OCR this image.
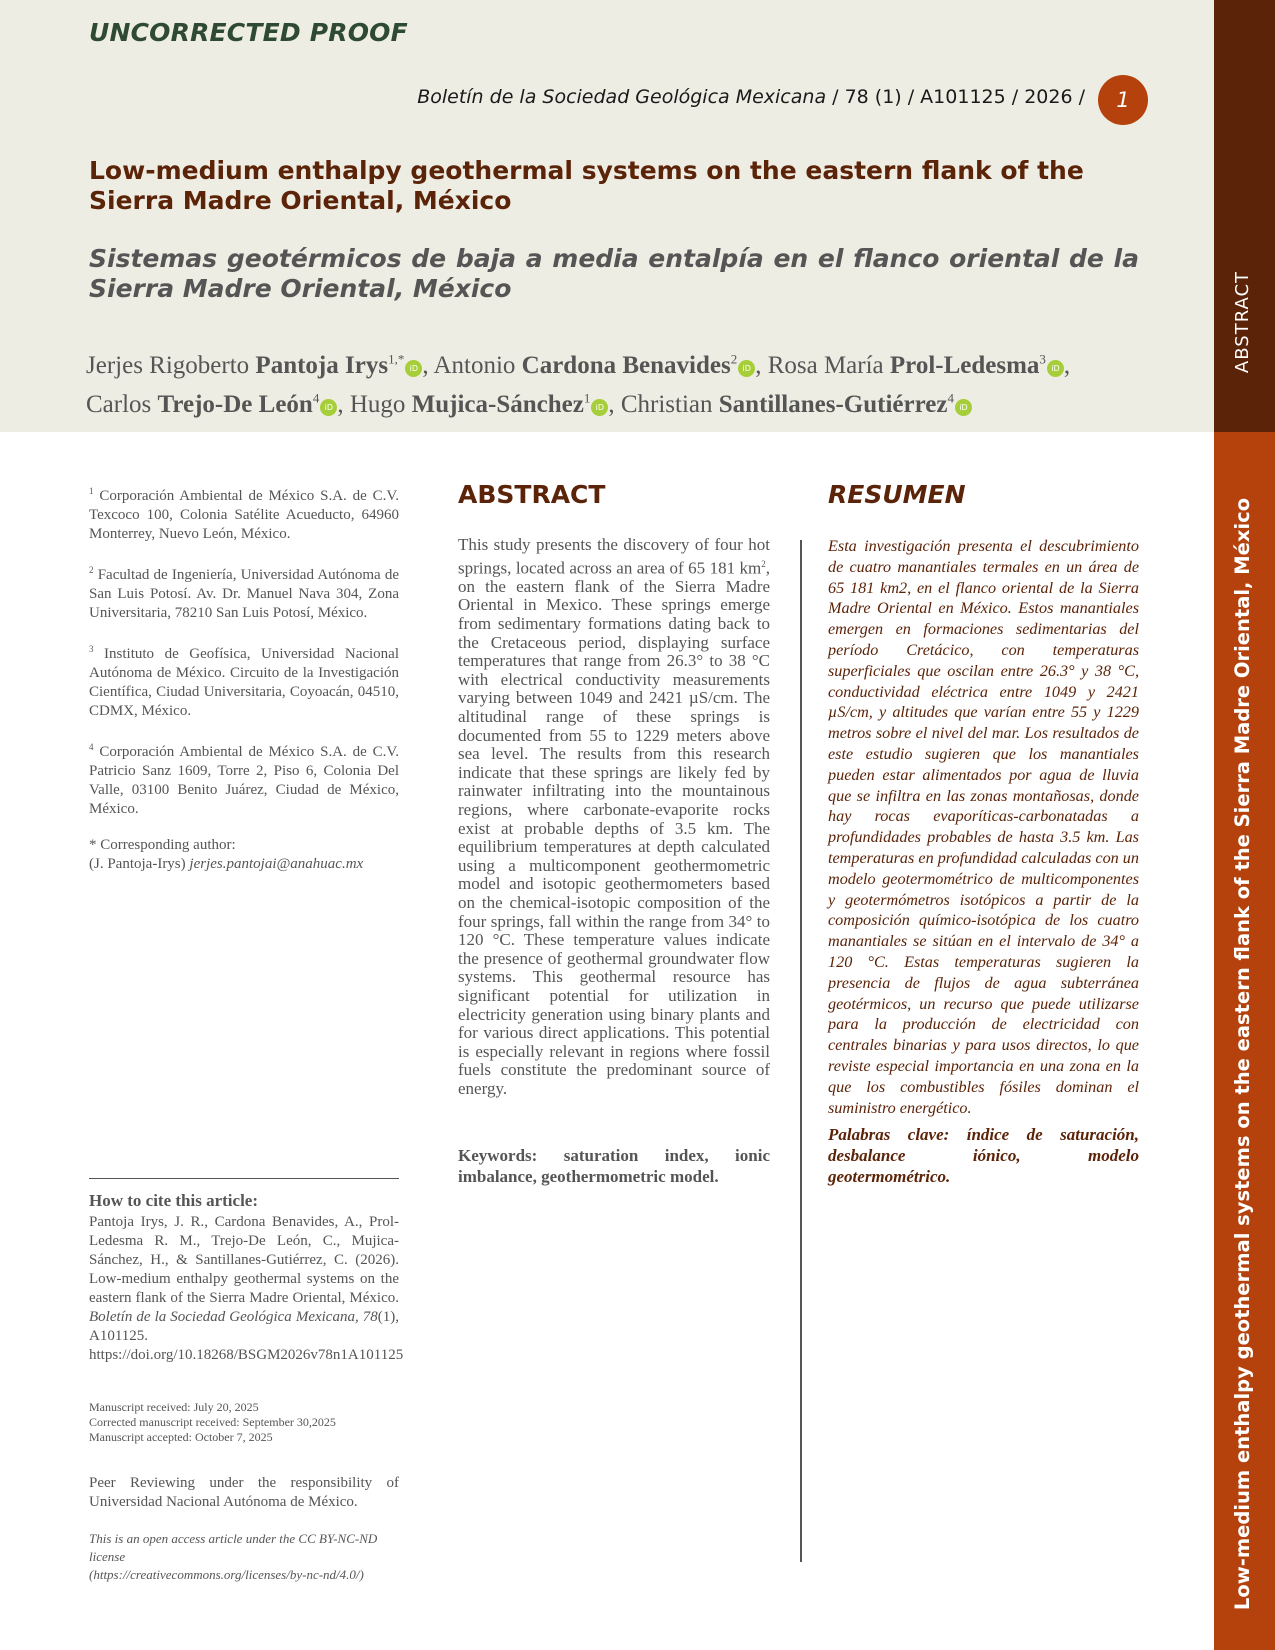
ABSTRACT
Low-medium enthalpy geothermal systems on the eastern flank of the Sierra Madre Oriental, México
UNCORRECTED PROOF
Boletín de la Sociedad Geológica Mexicana / 78 (1) / A101125 / 2026 /	1
Low-medium enthalpy geothermal systems on the eastern flank of the Sierra Madre Oriental, México
Sistemas geotérmicos de baja a media entalpía en el flanco oriental de la Sierra Madre Oriental, México
Jerjes Rigoberto Pantoja Irys$^{1,*}$iD , Antonio Cardona Benavides$^2$iD , Rosa María Prol-Ledesma$^3$iD ,
Carlos Trejo-De León$^4$iD , Hugo Mujica-Sánchez$^1$iD , Christian Santillanes-Gutiérrez$^4$iD

$^1$ Corporación Ambiental de México S.A. de C.V. Texcoco 100, Colonia Satélite Acueducto, 64960 Monterrey, Nuevo León, México.

$^2$ Facultad de Ingeniería, Universidad Autónoma de San Luis Potosí. Av. Dr. Manuel Nava 304, Zona Universitaria, 78210 San Luis Potosí, México.

$^3$ Instituto de Geofísica, Universidad Nacional Autónoma de México. Circuito de la Investigación Científica, Ciudad Universitaria, Coyoacán, 04510, CDMX, México.

$^4$ Corporación Ambiental de México S.A. de C.V. Patricio Sanz 1609, Torre 2, Piso 6, Colonia Del Valle, 03100 Benito Juárez, Ciudad de México, México.

* Corresponding author:
(J. Pantoja-Irys) jerjes.pantojai@anahuac.mx
How to cite this article:

Pantoja Irys, J. R., Cardona Benavides, A., Prol-Ledesma R. M., Trejo-De León, C., Mujica-Sánchez, H., & Santillanes-Gutiérrez, C. (2026). Low-medium enthalpy geothermal systems on the eastern flank of the Sierra Madre Oriental, México. Boletín de la Sociedad Geológica Mexicana, 78(1), A101125. https://doi.org/10.18268/BSGM2026v78n1A101125

Manuscript received: July 20, 2025
Corrected manuscript received: September 30,2025
Manuscript accepted: October 7, 2025

Peer Reviewing under the responsibility of Universidad Nacional Autónoma de México.

This is an open access article under the CC BY-NC-ND license
(https://creativecommons.org/licenses/by-nc-nd/4.0/)
ABSTRACT

This study presents the discovery of four hot springs, located across an area of 65 181 $km^2$, on the eastern flank of the Sierra Madre Oriental in Mexico. These springs emerge from sedimentary formations dating back to the Cretaceous period, displaying surface temperatures that range from 26.3° to 38 °C with electrical conductivity measurements varying between 1049 and 2421 µS/cm. The altitudinal range of these springs is documented from 55 to 1229 meters above sea level. The results from this research indicate that these springs are likely fed by rainwater infiltrating into the mountainous regions, where carbonate-evaporite rocks exist at probable depths of 3.5 km. The equilibrium temperatures at depth calculated using a multicomponent geothermometric model and isotopic geothermometers based on the chemical-isotopic composition of the four springs, fall within the range from 34° to 120 °C. These temperature values indicate the presence of geothermal groundwater flow systems. This geothermal resource has significant potential for utilization in electricity generation using binary plants and for various direct applications. This potential is especially relevant in regions where fossil fuels constitute the predominant source of energy.

Keywords: saturation index, ionic imbalance, geothermometric model.

RESUMEN

Esta investigación presenta el descubrimiento de cuatro manantiales termales en un área de 65 181 km2, en el flanco oriental de la Sierra Madre Oriental en México. Estos manantiales emergen en formaciones sedimentarias del período Cretácico, con temperaturas superficiales que oscilan entre 26.3° y 38 °C, conductividad eléctrica entre 1049 y 2421 µS/cm, y altitudes que varían entre 55 y 1229 metros sobre el nivel del mar. Los resultados de este estudio sugieren que los manantiales pueden estar alimentados por agua de lluvia que se infiltra en las zonas montañosas, donde hay rocas evaporíticas-carbonatadas a profundidades probables de hasta 3.5 km. Las temperaturas en profundidad calculadas con un modelo geotermométrico de multicomponentes y geotermómetros isotópicos a partir de la composición químico-isotópica de los cuatro manantiales se sitúan en el intervalo de 34° a 120 °C. Estas temperaturas sugieren la presencia de flujos de agua subterránea geotérmicos, un recurso que puede utilizarse para la producción de electricidad con centrales binarias y para usos directos, lo que reviste especial importancia en una zona en la que los combustibles fósiles dominan el suministro energético.

Palabras clave: índice de saturación, desbalance iónico, modelo geotermométrico.
